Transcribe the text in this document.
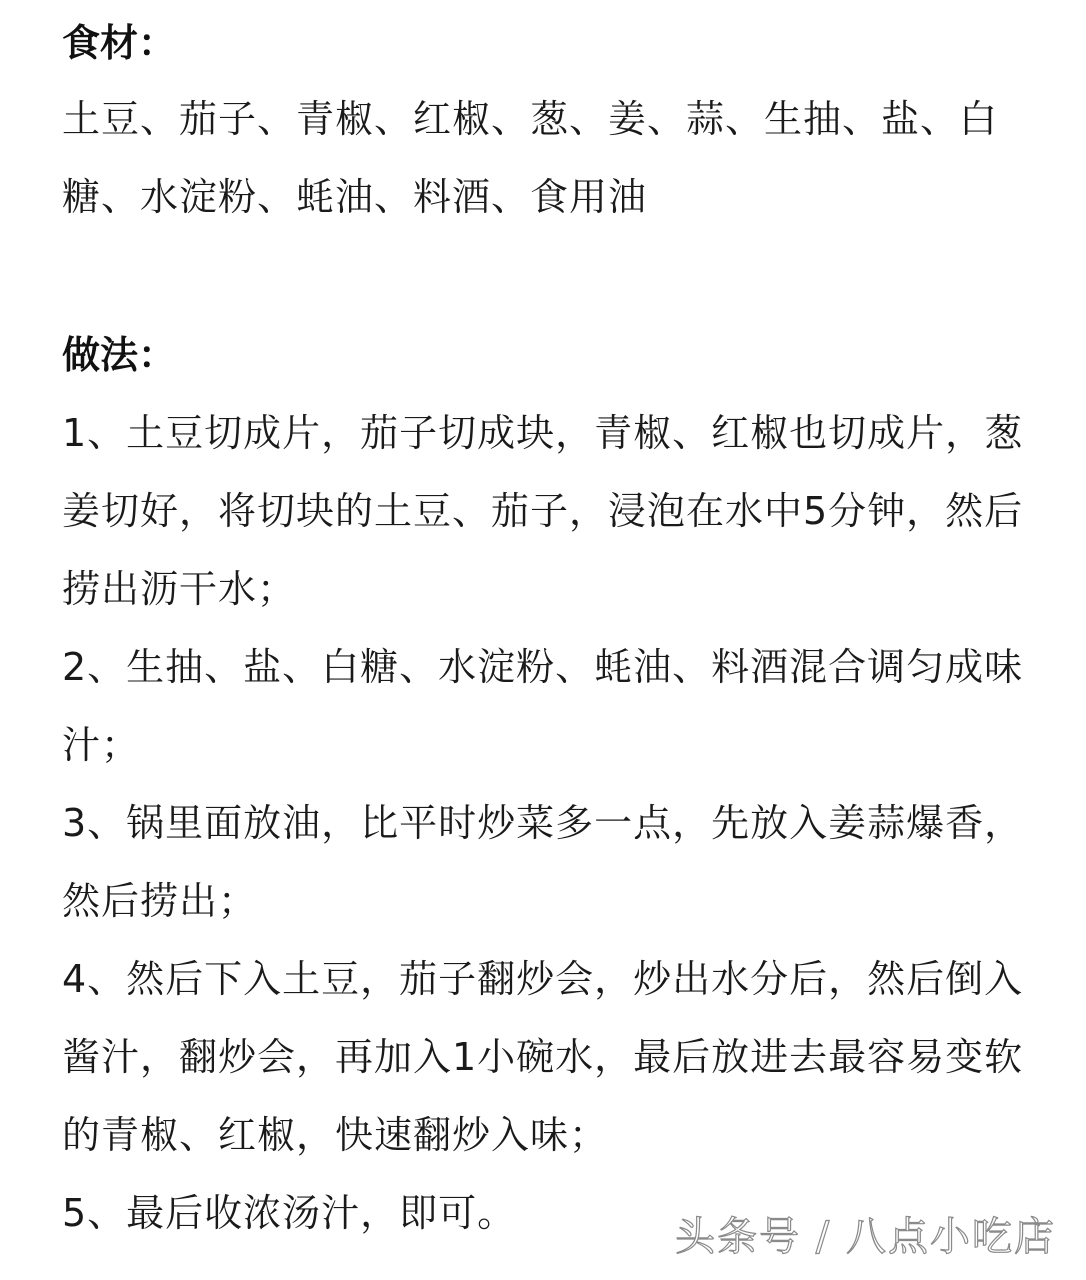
食材：

土豆、茄子、青椒、红椒、葱、姜、蒜、生抽、盐、白糖、水淀粉、蚝油、料酒、食用油

做法：
1、土豆切成片，茄子切成块，青椒、红椒也切成片，葱姜切好，将切块的土豆、茄子，浸泡在水中5分钟，然后捞出沥干水；
2、生抽、盐、白糖、水淀粉、蚝油、料酒混合调匀成味汁；
3、锅里面放油，比平时炒菜多一点，先放入姜蒜爆香，然后捞出；
4、然后下入土豆，茄子翻炒会，炒出水分后，然后倒入酱汁，翻炒会，再加入1小碗水，最后放进去最容易变软的青椒、红椒，快速翻炒入味；
5、最后收浓汤汁，即可。
头条号 / 八点小吃店
